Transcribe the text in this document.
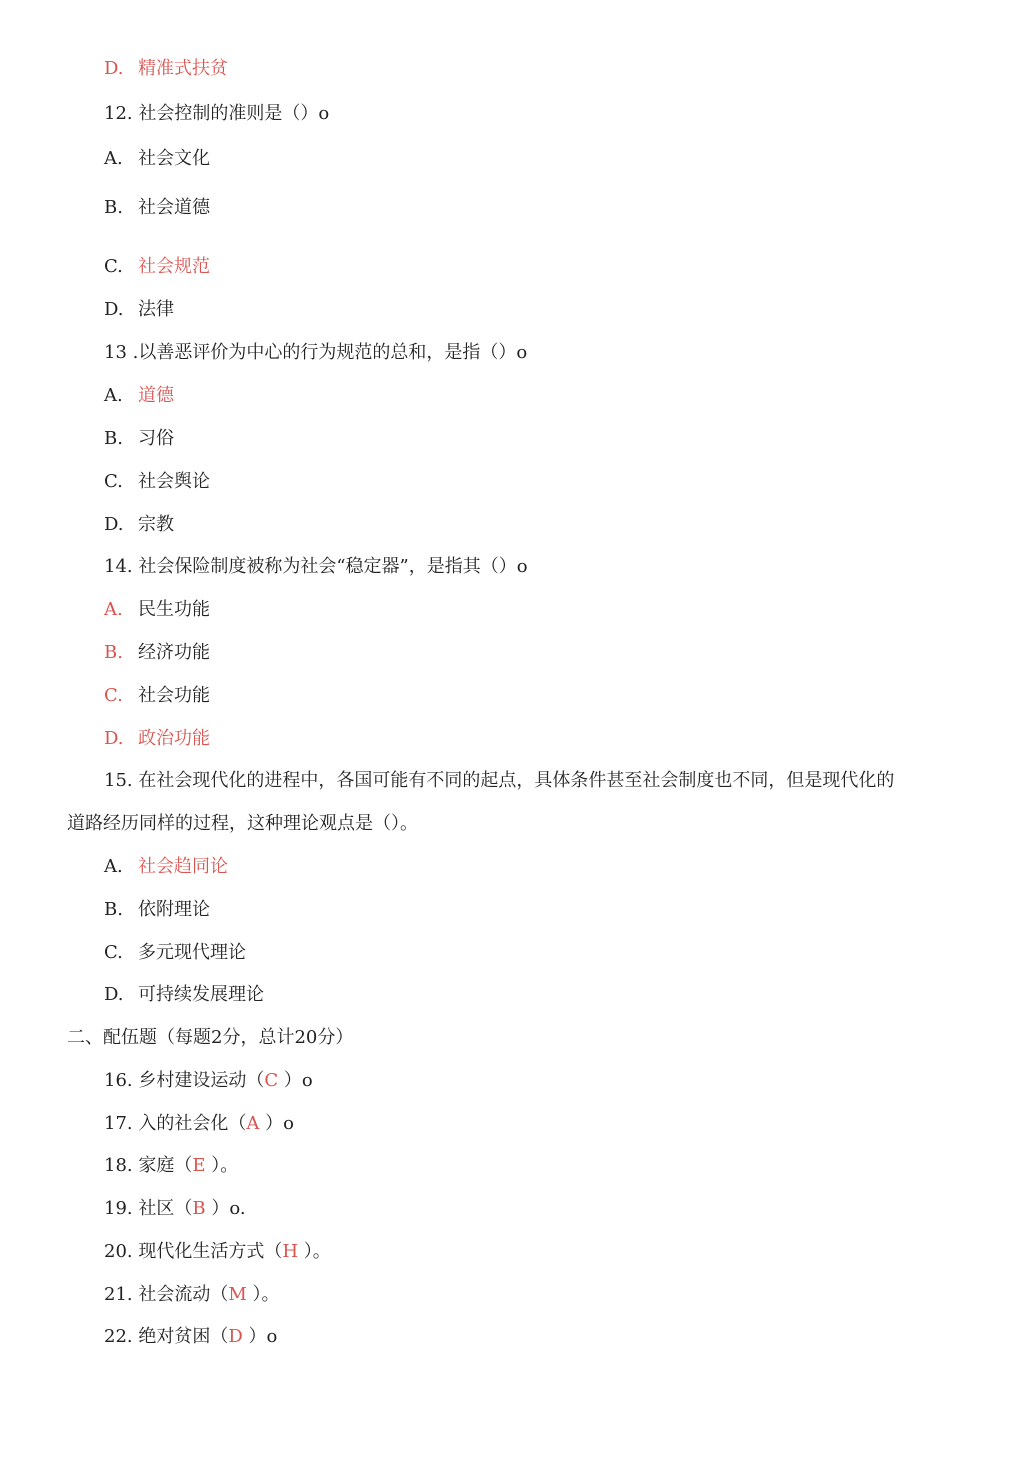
D. 精准式扶贫
12. 社会控制的准则是（）o
A. 社会文化
B. 社会道德
C. 社会规范
D. 法律
13 .以善恶评价为中心的行为规范的总和，是指（）o
A. 道德
B. 习俗
C. 社会舆论
D. 宗教
14. 社会保险制度被称为社会“稳定器”，是指其（）o
A. 民生功能
B. 经济功能
C. 社会功能
D. 政治功能
15. 在社会现代化的进程中，各国可能有不同的起点，具体条件甚至社会制度也不同，但是现代化的
道路经历同样的过程，这种理论观点是（）。
A. 社会趋同论
B. 依附理论
C. 多元现代理论
D. 可持续发展理论
二、配伍题（每题2分，总计20分）
16. 乡村建设运动（C ）o
17. 入的社会化（A ）o
18. 家庭（E ）。
19. 社区（B ）o.
20. 现代化生活方式（H ）。
21. 社会流动（M ）。
22. 绝对贫困（D ）o
